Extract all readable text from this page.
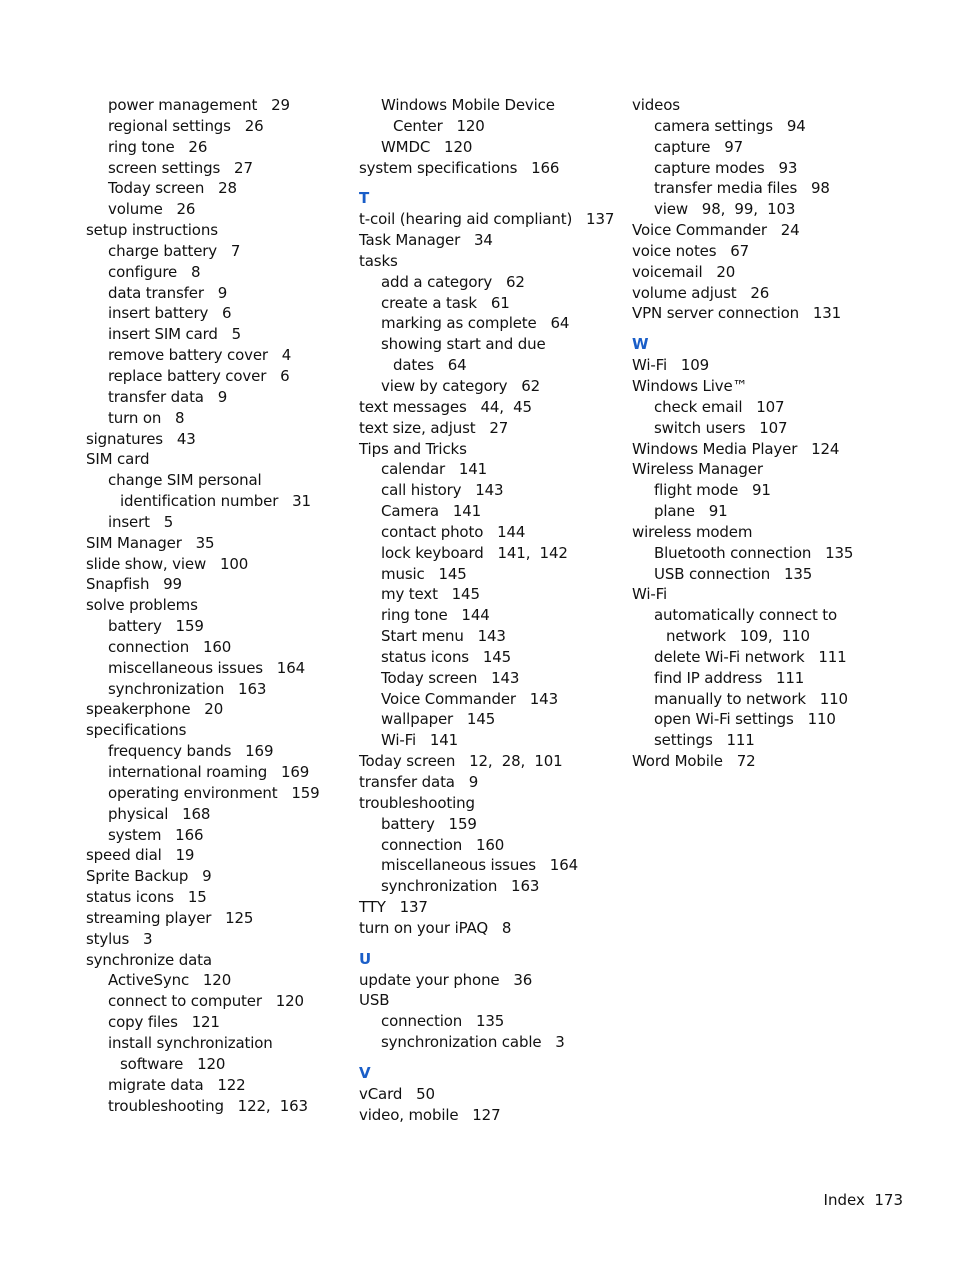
power management   29
regional settings   26
ring tone   26
screen settings   27
Today screen   28
volume   26
setup instructions
charge battery   7
configure   8
data transfer   9
insert battery   6
insert SIM card   5
remove battery cover   4
replace battery cover   6
transfer data   9
turn on   8
signatures   43
SIM card
change SIM personal
identification number   31
insert   5
SIM Manager   35
slide show, view   100
Snapfish   99
solve problems
battery   159
connection   160
miscellaneous issues   164
synchronization   163
speakerphone   20
specifications
frequency bands   169
international roaming   169
operating environment   159
physical   168
system   166
speed dial   19
Sprite Backup   9
status icons   15
streaming player   125
stylus   3
synchronize data
ActiveSync   120
connect to computer   120
copy files   121
install synchronization
software   120
migrate data   122
troubleshooting   122,  163
Windows Mobile Device
Center   120
WMDC   120
system specifications   166
T
t-coil (hearing aid compliant)   137
Task Manager   34
tasks
add a category   62
create a task   61
marking as complete   64
showing start and due
dates   64
view by category   62
text messages   44,  45
text size, adjust   27
Tips and Tricks
calendar   141
call history   143
Camera   141
contact photo   144
lock keyboard   141,  142
music   145
my text   145
ring tone   144
Start menu   143
status icons   145
Today screen   143
Voice Commander   143
wallpaper   145
Wi-Fi   141
Today screen   12,  28,  101
transfer data   9
troubleshooting
battery   159
connection   160
miscellaneous issues   164
synchronization   163
TTY   137
turn on your iPAQ   8
U
update your phone   36
USB
connection   135
synchronization cable   3
V
vCard   50
video, mobile   127
videos
camera settings   94
capture   97
capture modes   93
transfer media files   98
view   98,  99,  103
Voice Commander   24
voice notes   67
voicemail   20
volume adjust   26
VPN server connection   131
W
Wi-Fi   109
Windows Live™
check email   107
switch users   107
Windows Media Player   124
Wireless Manager
flight mode   91
plane   91
wireless modem
Bluetooth connection   135
USB connection   135
Wi-Fi
automatically connect to
network   109,  110
delete Wi-Fi network   111
find IP address   111
manually to network   110
open Wi-Fi settings   110
settings   111
Word Mobile   72
Index  173
